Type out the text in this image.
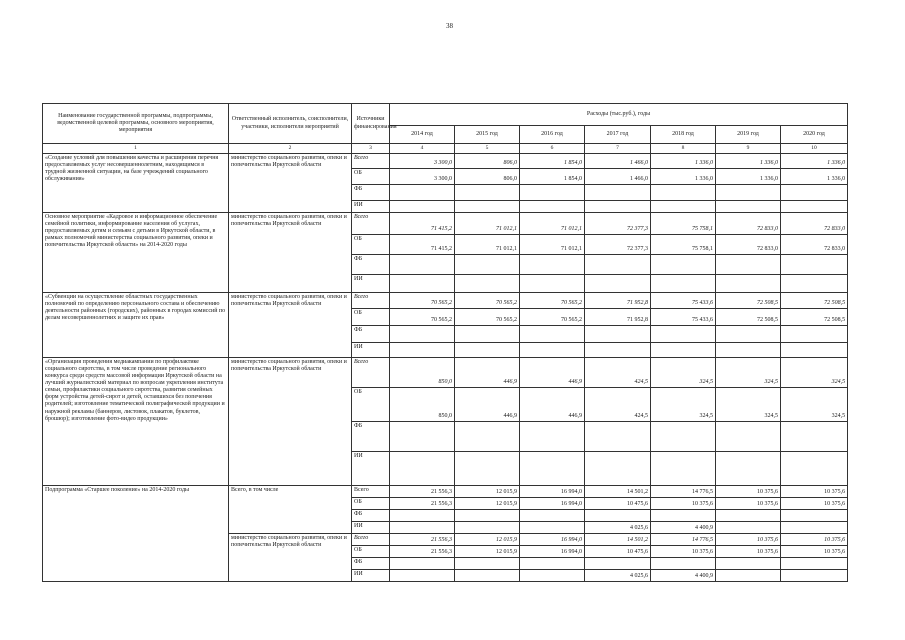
38
Наименование государственной программы, подпрограммы, ведомственной целевой программы, основного мероприятия, мероприятия	Ответственный исполнитель, соисполнители, участники, исполнители мероприятий	Источники финансирования	Расходы (тыс.руб.), годы						
			2014 год	2015 год	2016 год	2017 год	2018 год	2019 год	2020 год
1	2	3	4	5	6	7	8	9	10
«Создание условий для повышения качества и расширения перечня предоставляемых услуг несовершеннолетним, находящимся в трудной жизненной ситуации, на базе учреждений социального обслуживания»	министерство социального развития, опеки и попечительства Иркутской области	Всего	3 300,0	806,0	1 854,0	1 466,0	1 336,0	1 336,0	1 336,0
		ОБ	3 300,0	806,0	1 854,0	1 466,0	1 336,0	1 336,0	1 336,0
		ФБ							
		ИИ							
Основное мероприятие «Кадровое и информационное обеспечение семейной политики, информирование населения об услугах, предоставляемых детям и семьям с детьми в Иркутской области, в рамках полномочий министерства социального развития, опеки и попечительства Иркутской области» на 2014-2020 годы	министерство социального развития, опеки и попечительства Иркутской области	Всего	71 415,2	71 012,1	71 012,1	72 377,3	75 758,1	72 833,0	72 833,0
		ОБ	71 415,2	71 012,1	71 012,1	72 377,3	75 758,1	72 833,0	72 833,0
		ФБ							
		ИИ							
«Субвенции на осуществление областных государственных полномочий по определению персонального состава и обеспечению деятельности районных (городских), районных в городах комиссий по делам несовершеннолетних и защите их прав»	министерство социального развития, опеки и попечительства Иркутской области	Всего	70 565,2	70 565,2	70 565,2	71 952,8	75 433,6	72 508,5	72 508,5
		ОБ	70 565,2	70 565,2	70 565,2	71 952,8	75 433,6	72 508,5	72 508,5
		ФБ							
		ИИ							
«Организация проведения медиакампании по профилактике социального сиротства, в том числе проведение регионального конкурса среди средств массовой информации Иркутской области на лучший журналистский материал по вопросам укрепления института семьи, профилактики социального сиротства, развития семейных форм устройства детей-сирот и детей, оставшихся без попечения родителей; изготовление тематической полиграфической продукции и наружной рекламы (баннеров, листовок, плакатов, буклетов, брошюр); изготовление фото-видео продукции»	министерство социального развития, опеки и попечительства Иркутской области	Всего	850,0	446,9	446,9	424,5	324,5	324,5	324,5
		ОБ	850,0	446,9	446,9	424,5	324,5	324,5	324,5
		ФБ							
		ИИ							
Подпрограмма «Старшее поколение» на 2014-2020 годы	Всего, в том числе	Всего	21 556,3	12 015,9	16 994,0	14 501,2	14 776,5	10 375,6	10 375,6
		ОБ	21 556,3	12 015,9	16 994,0	10 475,6	10 375,6	10 375,6	10 375,6
		ФБ							
		ИИ				4 025,6	4 400,9		
	министерство социального развития, опеки и попечительства Иркутской области	Всего	21 556,3	12 015,9	16 994,0	14 501,2	14 776,5	10 375,6	10 375,6
		ОБ	21 556,3	12 015,9	16 994,0	10 475,6	10 375,6	10 375,6	10 375,6
		ФБ							
		ИИ				4 025,6	4 400,9		
